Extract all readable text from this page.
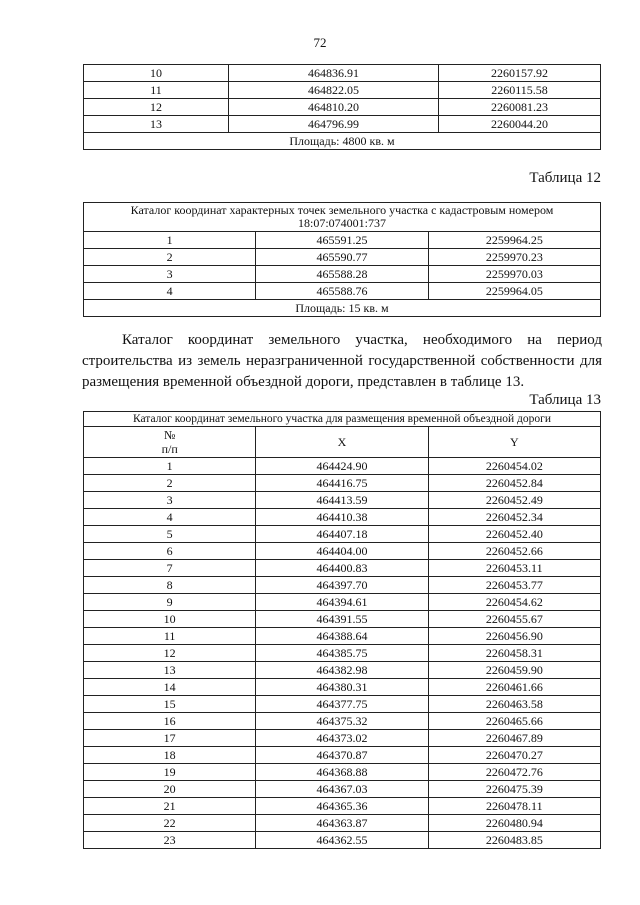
72
10	464836.91	2260157.92
11	464822.05	2260115.58
12	464810.20	2260081.23
13	464796.99	2260044.20
Площадь: 4800 кв. м		
Таблица 12
Каталог координат характерных точек земельного участка с кадастровым номером 18:07:074001:737		
1	465591.25	2259964.25
2	465590.77	2259970.23
3	465588.28	2259970.03
4	465588.76	2259964.05
Площадь: 15 кв. м		
Каталог координат земельного участка, необходимого на период строительства из земель неразграниченной государственной собственности для размещения временной объездной дороги, представлен в таблице 13.
Таблица 13
Каталог координат земельного участка для размещения временной объездной дороги		
№
п/п	X	Y
1	464424.90	2260454.02
2	464416.75	2260452.84
3	464413.59	2260452.49
4	464410.38	2260452.34
5	464407.18	2260452.40
6	464404.00	2260452.66
7	464400.83	2260453.11
8	464397.70	2260453.77
9	464394.61	2260454.62
10	464391.55	2260455.67
11	464388.64	2260456.90
12	464385.75	2260458.31
13	464382.98	2260459.90
14	464380.31	2260461.66
15	464377.75	2260463.58
16	464375.32	2260465.66
17	464373.02	2260467.89
18	464370.87	2260470.27
19	464368.88	2260472.76
20	464367.03	2260475.39
21	464365.36	2260478.11
22	464363.87	2260480.94
23	464362.55	2260483.85
